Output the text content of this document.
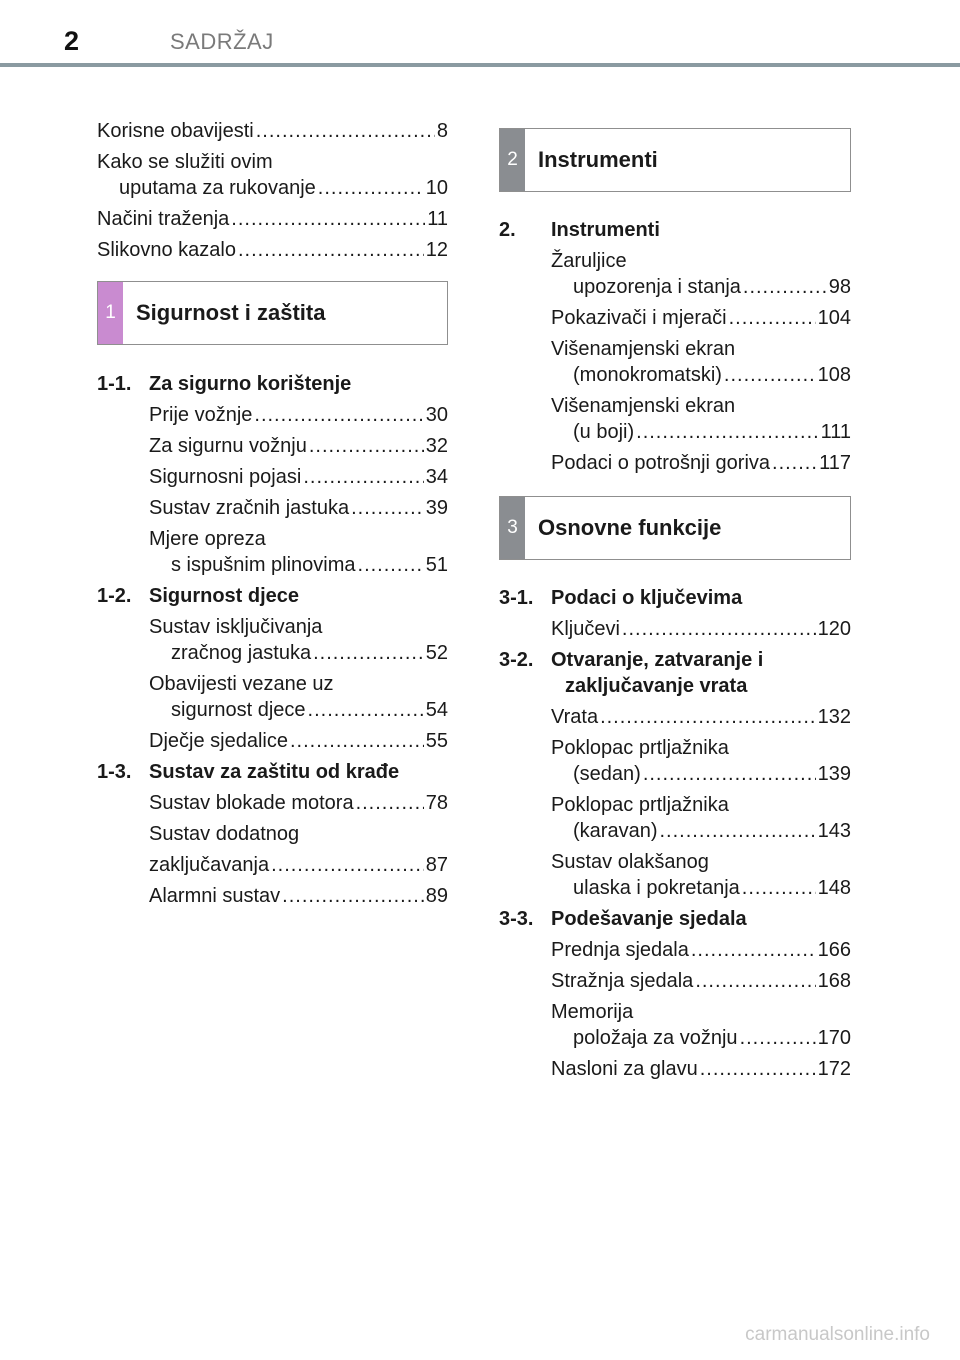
2	SADRŽAJ
Korisne obavijesti .....	8
Kako se služiti ovim
uputama za rukovanje .....	10
Načini traženja .....	11
Slikovno kazalo .....	12
1 Sigurnost i zaštita
1-1. Za sigurno korištenje
Prije vožnje .....	30
Za sigurnu vožnju .....	32
Sigurnosni pojasi .....	34
Sustav zračnih jastuka .....	39
Mjere opreza
s ispušnim plinovima .....	51
1-2. Sigurnost djece
Sustav isključivanja
zračnog jastuka .....	52
Obavijesti vezane uz
sigurnost djece .....	54
Dječje sjedalice .....	55
1-3. Sustav za zaštitu od krađe
Sustav blokade motora .....	78
Sustav dodatnog
zaključavanja .....	87
Alarmni sustav .....	89
2 Instrumenti
2.	Instrumenti
Žaruljice
upozorenja i stanja .....	98
Pokazivači i mjerači .....	104
Višenamjenski ekran
(monokromatski) .....	108
Višenamjenski ekran
(u boji) .....	111
Podaci o potrošnji goriva ..... 117
3 Osnovne funkcije
3-1. Podaci o ključevima
Ključevi .....	120
3-2. Otvaranje, zatvaranje i
zaključavanje vrata
Vrata .....	132
Poklopac prtljažnika
(sedan) .....	139
Poklopac prtljažnika
(karavan) .....	143
Sustav olakšanog
ulaska i pokretanja .....	148
3-3. Podešavanje sjedala
Prednja sjedala .....	166
Stražnja sjedala .....	168
Memorija
položaja za vožnju .....	170
Nasloni za glavu .....	172
carmanualsonline.info
